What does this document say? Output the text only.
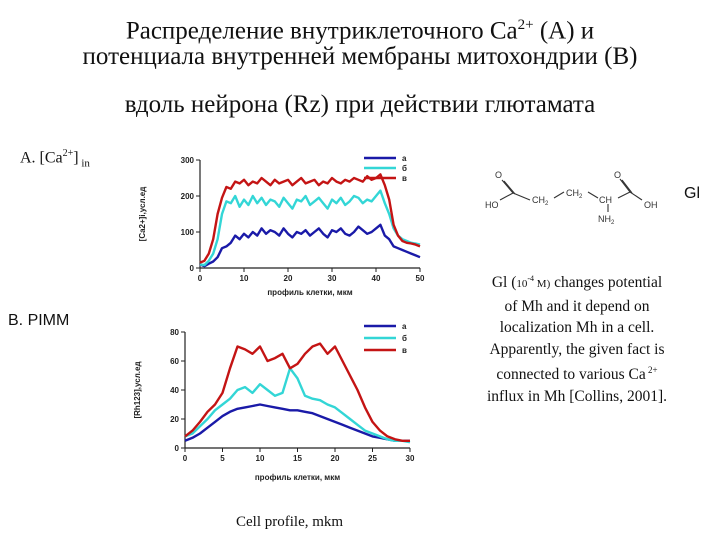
Распределение внутриклеточного $Ca^{2+}$ (A) и
потенциала внутренней мембраны митохондрии (B)
вдоль нейрона (Rz) при действии глютамата
A. $[Ca^{2+}]$ $_{in}$
B. PIMM
Gl
HO
O
$CH_2$
$CH_2$ CH
$NH_2$
O
OH
0
100
200
300
0	10	20	30	40	50
профиль клетки, мкм
[Ca2+]i,усл.ед
а
б
в
0
20
40
60
80
0	5	10	15	20	25	30
профиль клетки, мкм
[Rh123],усл.ед
а
б
в
Gl ($10^{-4}$ M) changes potential of Mh and it depend on localization Mh in a cell. Apparently, the given fact is connected to various Ca $^{2+}$ influx in Mh [Collins, 2001].
Cell profile, mkm
